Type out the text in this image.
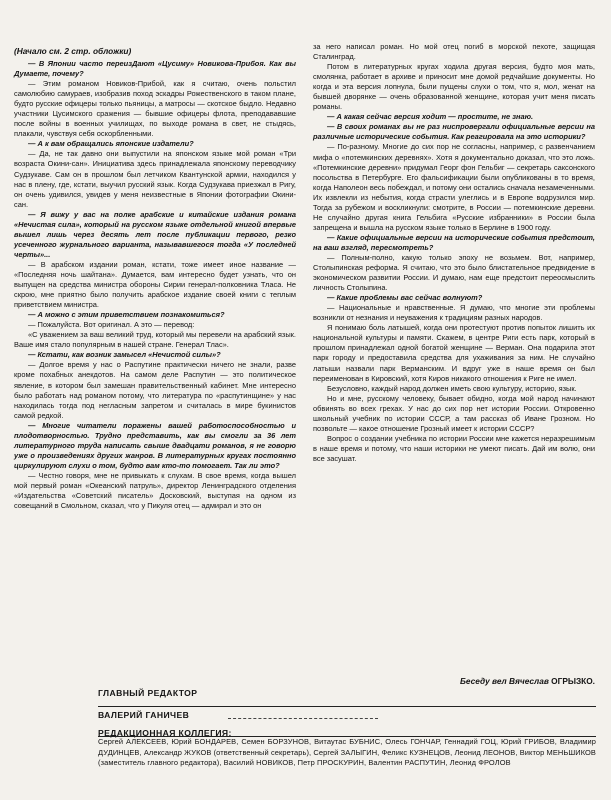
(Начало см. 2 стр. обложки)

— В Японии часто переизДают «Цусиму» Новикова-Прибоя. Как вы Думаете, почему?

— Этим романом Новиков-Прибой, как я считаю, очень польстил самолюбию самураев, изобразив поход эскадры Рожественского в таком плане, будто русские офицеры только пьяницы, а матросы — скотское быдло. Недавно участники Цусимского сражения — бывшие офицеры флота, преподававшие после войны в военных училищах, по выходе романа в свет, не стыдясь, плакали, чувствуя себя оскорбленными.

— А к вам обращались японские издатели?

— Да, не так давно они выпустили на японском языке мой роман «Три возраста Окини-сан». Инициатива здесь принадлежала японскому переводчику Судзукаве. Сам он в прошлом был летчиком Квантунской армии, находился у нас в плену, где, кстати, выучил русский язык. Когда Судзукава приезжал в Ригу, он очень удивился, увидев у меня неизвестные в Японии фотографии Окини-сан.

— Я вижу у вас на полке арабские и китайские издания романа «Нечистая сила», который на русском языке отдельной книгой впервые вышел лишь через десять лет после публикации первого, резко усеченного журнального варианта, называвшегося тогда «У последней черты»...

— В арабском издании роман, кстати, тоже имеет иное название — «Последняя ночь шайтана». Думается, вам интересно будет узнать, что он выпущен на средства министра обороны Сирии генерал-полковника Тласа. Не скрою, мне приятно было получить арабское издание своей книги с теплым приветствием министра.

— А можно с этим приветствием познакомиться?

— Пожалуйста. Вот оригинал. А это — перевод:

«С уважением за ваш великий труд, который мы перевели на арабский язык. Ваше имя стало популярным в нашей стране. Генерал Тлас».

— Кстати, как возник замысел «Нечистой силы»?

— Долгое время у нас о Распутине практически ничего не знали, разве кроме похабных анекдотов. На самом деле Распутин — это политическое явление, в котором был замешан правительственный кабинет. Мне интересно было работать над романом потому, что литература по «распутинщине» у нас находилась тогда под негласным запретом и считалась в мире букинистов самой редкой.

— Многие читатели поражены вашей работоспособностью и плодотворностью. Трудно представить, как вы смогли за 36 лет литературного труда написать свыше двадцати романов, я не говорю уже о произведениях других жанров. В литературных кругах постоянно циркулируют слухи о том, будто вам кто-то помогает. Так ли это?

— Честно говоря, мне не привыкать к слухам. В свое время, когда вышел мой первый роман «Океанский патруль», директор Ленинградского отделения «Издательства «Советский писатель» Досковский, выступая на одном из совещаний в Смольном, сказал, что у Пикуля отец — адмирал и это он

за него написал роман. Но мой отец погиб в морской пехоте, защищая Сталинград.

Потом в литературных кругах ходила другая версия, будто моя мать, смолянка, работает в архиве и приносит мне домой редчайшие документы. Но когда и эта версия лопнула, были пущены слухи о том, что я, мол, женат на бывшей дворянке — очень образованной женщине, которая учит меня писать романы.

— А какая сейчас версия ходит — простите, не знаю.

— В своих романах вы не раз ниспровергали официальные версии на различные исторические события. Как реагировала на это историки?

— По-разному. Многие до сих пор не согласны, например, с развенчанием мифа о «потемкинских деревнях». Хотя я документально доказал, что это ложь. «Потемкинские деревни» придумал Георг фон Гельбиг — секретарь саксонского посольства в Петербурге. Его фальсификации были опубликованы в то время, когда Наполеон весь побеждал, и потому они остались сначала незамеченными. Их извлекли из небытия, когда страсти улеглись и в Европе водрузился мир. Тогда за рубежом и воскликнули: смотрите, в России — потемкинские деревни. Не случайно другая книга Гельбига «Русские избранники» в России была запрещена и вышла на русском языке только в Берлине в 1900 году.

— Какие официальные версии на исторические события предстоит, на ваш взгляд, пересмотреть?

— Полным-полно, какую только эпоху не возьмем. Вот, например, Столыпинская реформа. Я считаю, что это было блистательное предвидение в экономическом развитии России. И думаю, нам еще предстоит переосмыслить личность Столыпина.

— Какие проблемы вас сейчас волнуют?

— Национальные и нравственные. Я думаю, что многие эти проблемы возникли от незнания и неуважения к традициям разных народов.

Я понимаю боль латышей, когда они протестуют против попыток лишить их национальной культуры и памяти. Скажем, в центре Риги есть парк, который в прошлом принадлежал одной богатой женщине — Верман. Она подарила этот парк городу и предоставила средства для ухаживания за ним. Не случайно латыши назвали парк Верманским. И вдруг уже в наше время он был переименован в Кировский, хотя Киров никакого отношения к Риге не имел.

Безусловно, каждый народ должен иметь свою культуру, историю, язык.

Но и мне, русскому человеку, бывает обидно, когда мой народ начинают обвинять во всех грехах. У нас до сих пор нет истории России. Откровенно школьный учебник по истории СССР, а там рассказ об Иване Грозном. Но позвольте — какое отношение Грозный имеет к истории СССР?

Вопрос о создании учебника по истории России мне кажется неразрешимым в наше время и потому, что наши историки не умеют писать. Дай им волю, они все засушат.

Беседу вел Вячеслав ОГРЫЗКО.
ГЛАВНЫЙ РЕДАКТОР
ВАЛЕРИЙ ГАНИЧЕВ
РЕДАКЦИОННАЯ КОЛЛЕГИЯ:
Сергей АЛЕКСЕЕВ, Юрий БОНДАРЕВ, Семен БОРЗУНОВ, Витаутас БУБНИС, Олесь ГОНЧАР, Геннадий ГОЦ, Юрий ГРИБОВ, Владимир ДУДИНЦЕВ, Александр ЖУКОВ (ответственный секретарь), Сергей ЗАЛЫГИН, Феликс КУЗНЕЦОВ, Леонид ЛЕОНОВ, Виктор МЕНЬШИКОВ (заместитель главного редактора), Василий НОВИКОВ, Петр ПРОСКУРИН, Валентин РАСПУТИН, Леонид ФРОЛОВ
